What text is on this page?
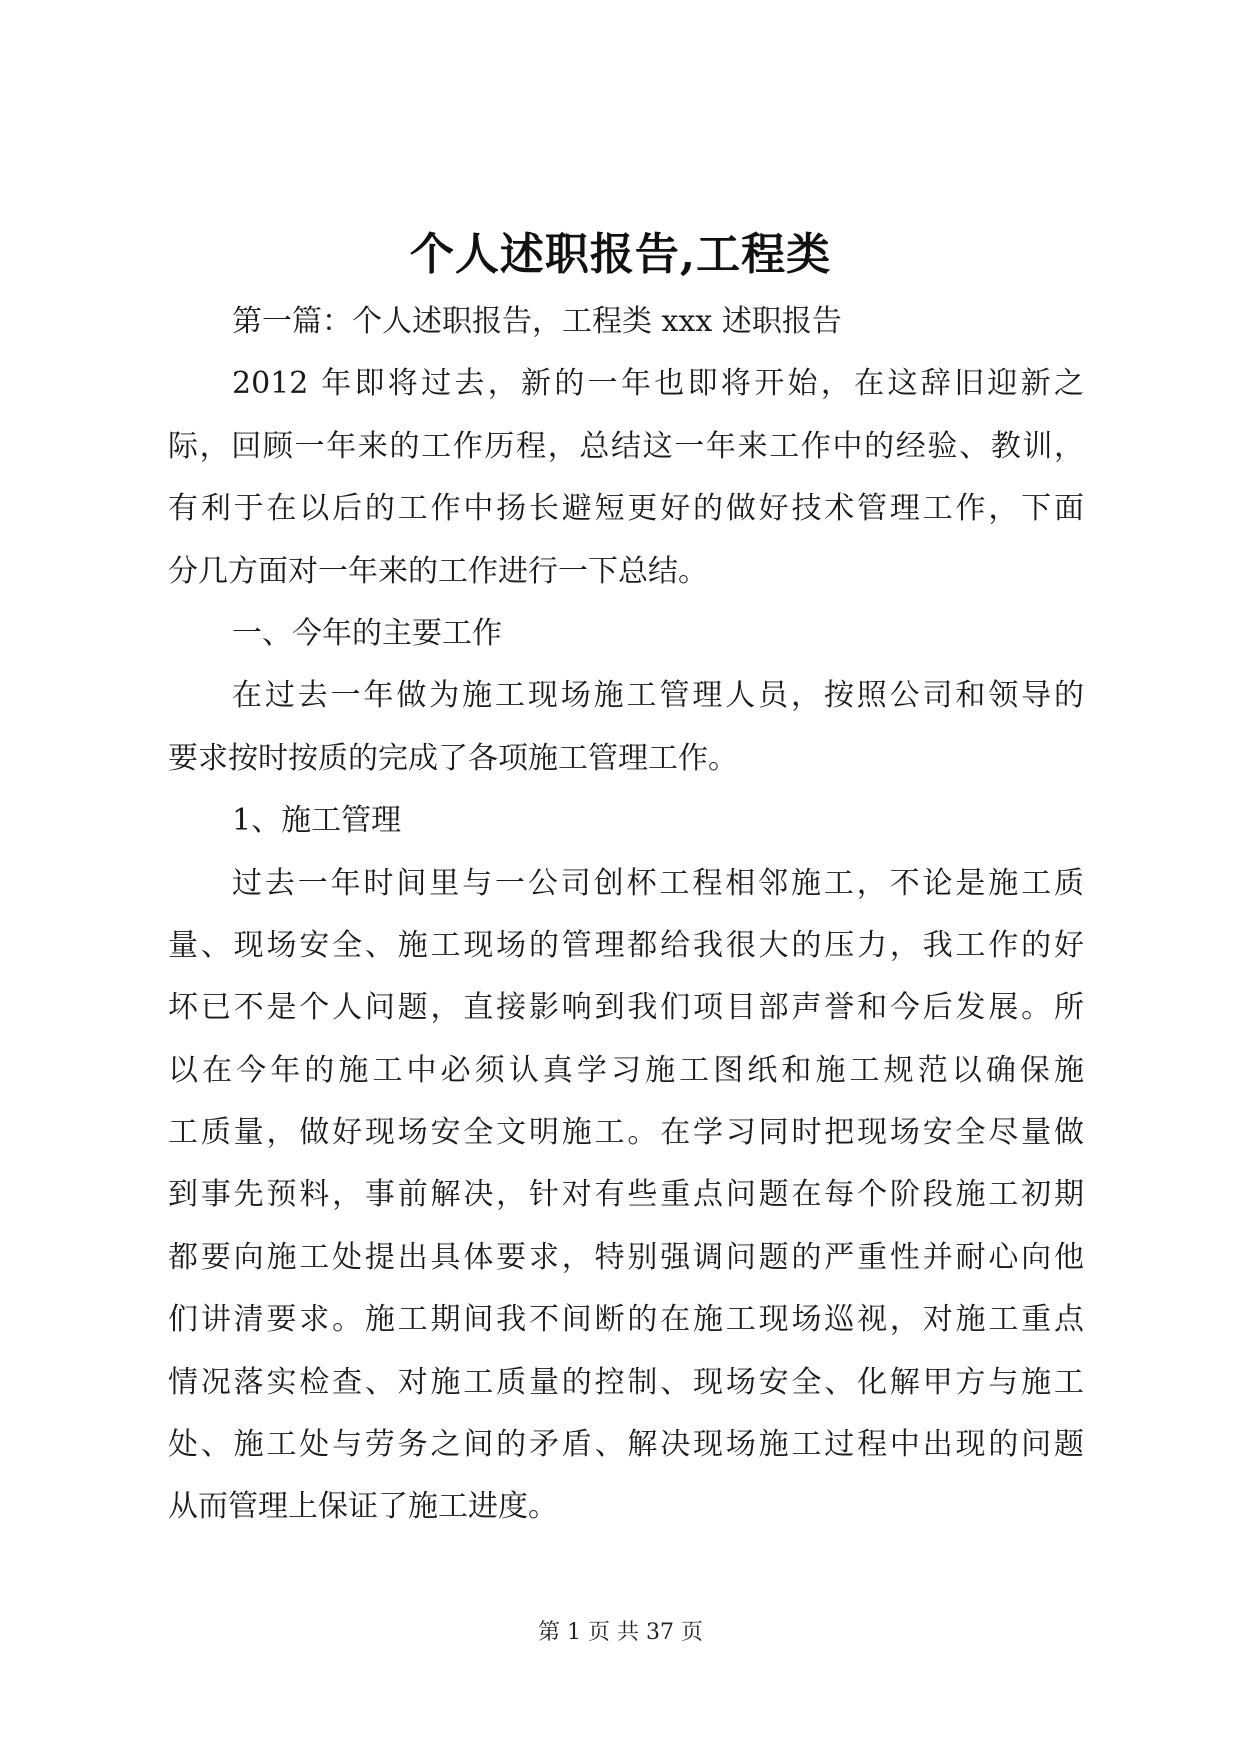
个人述职报告,工程类
第一篇：个人述职报告，工程类 xxx 述职报告
2012 年即将过去，新的一年也即将开始，在这辞旧迎新之
际，回顾一年来的工作历程，总结这一年来工作中的经验、教训，
有利于在以后的工作中扬长避短更好的做好技术管理工作，下面
分几方面对一年来的工作进行一下总结。
一、今年的主要工作
在过去一年做为施工现场施工管理人员，按照公司和领导的
要求按时按质的完成了各项施工管理工作。
1、施工管理
过去一年时间里与一公司创杯工程相邻施工，不论是施工质
量、现场安全、施工现场的管理都给我很大的压力，我工作的好
坏已不是个人问题，直接影响到我们项目部声誉和今后发展。所
以在今年的施工中必须认真学习施工图纸和施工规范以确保施
工质量，做好现场安全文明施工。在学习同时把现场安全尽量做
到事先预料，事前解决，针对有些重点问题在每个阶段施工初期
都要向施工处提出具体要求，特别强调问题的严重性并耐心向他
们讲清要求。施工期间我不间断的在施工现场巡视，对施工重点
情况落实检查、对施工质量的控制、现场安全、化解甲方与施工
处、施工处与劳务之间的矛盾、解决现场施工过程中出现的问题
从而管理上保证了施工进度。
第 1 页 共 37 页
